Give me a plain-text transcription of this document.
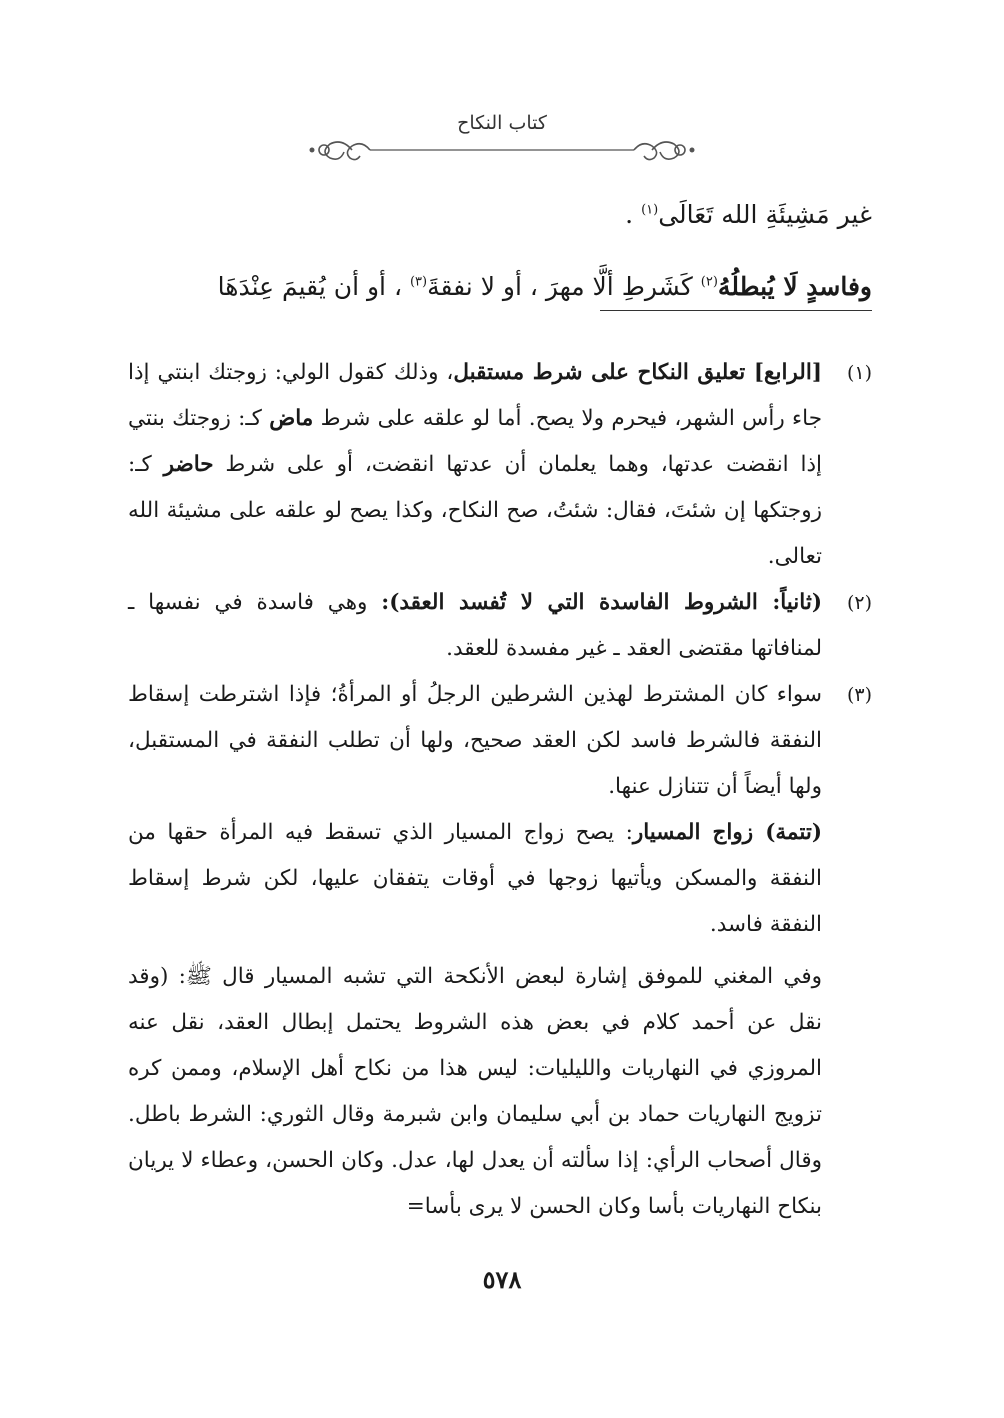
كتاب النكاح
غير مَشِيئَةِ الله تَعَالَى$^{(١)}$ .
وفاسدٍ لَا يُبطلُهُ$^{(٢)}$ كَشَرطِ ألَّا مهرَ ، أو لا نفقةَ$^{(٣)}$ ، أو أن يُقيمَ عِنْدَهَا
(١)
[الرابع] تعليق النكاح على شرط مستقبل، وذلك كقول الولي: زوجتك ابنتي إذا جاء رأس الشهر، فيحرم ولا يصح. أما لو علقه على شرط ماض كـ: زوجتك بنتي إذا انقضت عدتها، وهما يعلمان أن عدتها انقضت، أو على شرط حاضر كـ: زوجتكها إن شئتَ، فقال: شئتُ، صح النكاح، وكذا يصح لو علقه على مشيئة الله تعالى.
(٢)
(ثانياً: الشروط الفاسدة التي لا تُفسد العقد): وهي فاسدة في نفسها ـ لمنافاتها مقتضى العقد ـ غير مفسدة للعقد.
(٣)
سواء كان المشترط لهذين الشرطين الرجلُ أو المرأةُ؛ فإذا اشترطت إسقاط النفقة فالشرط فاسد لكن العقد صحيح، ولها أن تطلب النفقة في المستقبل، ولها أيضاً أن تتنازل عنها.
(تتمة) زواج المسيار: يصح زواج المسيار الذي تسقط فيه المرأة حقها من النفقة والمسكن ويأتيها زوجها في أوقات يتفقان عليها، لكن شرط إسقاط النفقة فاسد.
وفي المغني للموفق إشارة لبعض الأنكحة التي تشبه المسيار قال ﷺ: (وقد نقل عن أحمد كلام في بعض هذه الشروط يحتمل إبطال العقد، نقل عنه المروزي في النهاريات والليليات: ليس هذا من نكاح أهل الإسلام، وممن كره تزويج النهاريات حماد بن أبي سليمان وابن شبرمة وقال الثوري: الشرط باطل. وقال أصحاب الرأي: إذا سألته أن يعدل لها، عدل. وكان الحسن، وعطاء لا يريان بنكاح النهاريات بأسا وكان الحسن لا يرى بأسا=
٥٧٨
